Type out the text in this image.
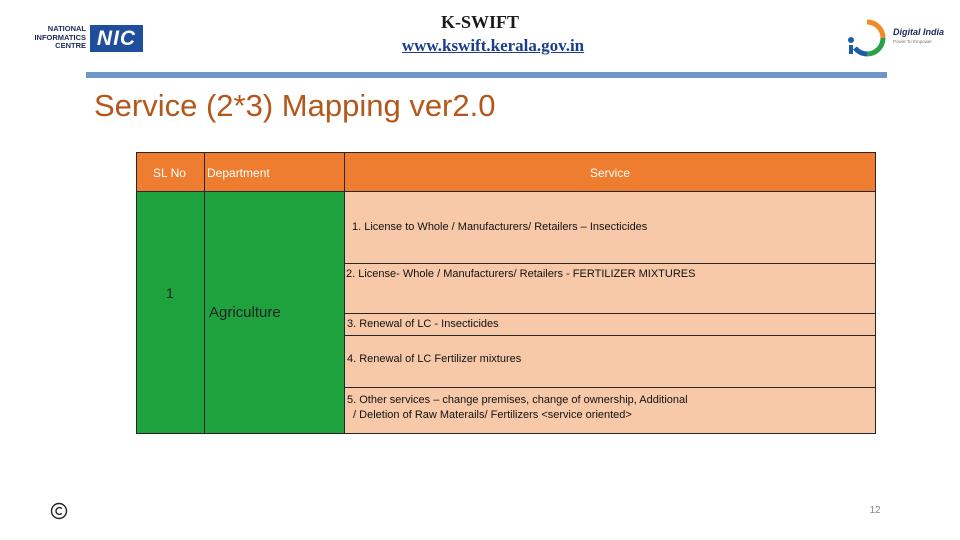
NATIONAL
INFORMATICS
CENTRE NIC
K-SWIFT
www.kswift.kerala.gov.in
Digital India
Power To Empower
Service (2*3) Mapping ver2.0
SL No Department	Service
1. License to Whole / Manufacturers/ Retailers – Insecticides
2. License- Whole / Manufacturers/ Retailers - FERTILIZER MIXTURES
3. Renewal of LC - Insecticides
4. Renewal of LC Fertilizer mixtures
5. Other services – change premises, change of ownership, Additional
/ Deletion of Raw Materails/ Fertilizers <service oriented>
1
Agriculture
12
